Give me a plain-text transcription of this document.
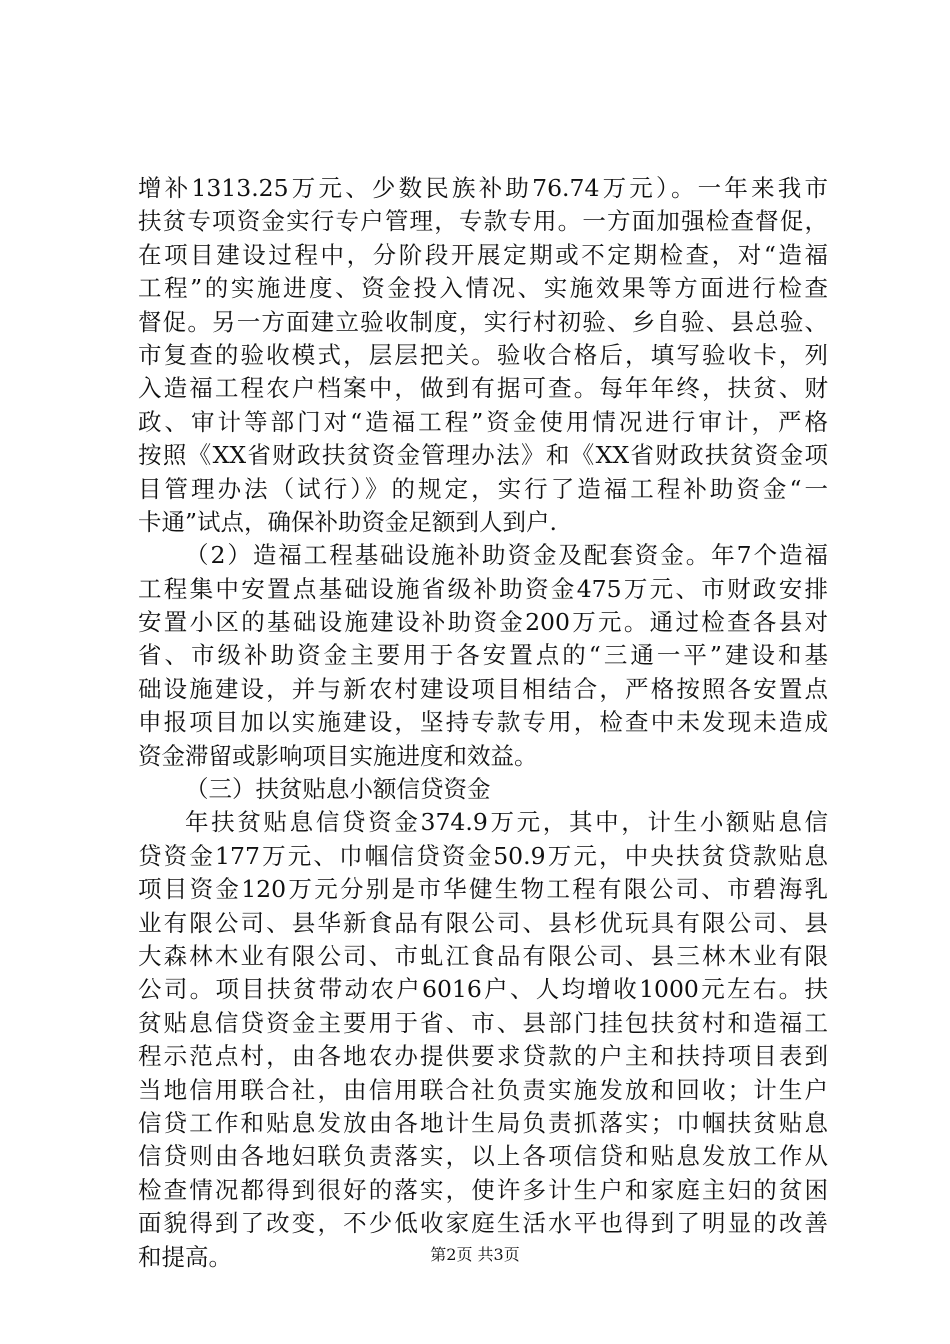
增补1313.25万元、少数民族补助76.74万元）。一年来我市
扶贫专项资金实行专户管理，专款专用。一方面加强检查督促，
在项目建设过程中，分阶段开展定期或不定期检查，对“造福
工程”的实施进度、资金投入情况、实施效果等方面进行检查
督促。另一方面建立验收制度，实行村初验、乡自验、县总验、
市复查的验收模式，层层把关。验收合格后，填写验收卡，列
入造福工程农户档案中，做到有据可查。每年年终，扶贫、财
政、审计等部门对“造福工程”资金使用情况进行审计，严格
按照《XX省财政扶贫资金管理办法》和《XX省财政扶贫资金项
目管理办法（试行）》的规定，实行了造福工程补助资金“一
卡通”试点，确保补助资金足额到人到户.
（2）造福工程基础设施补助资金及配套资金。年7个造福
工程集中安置点基础设施省级补助资金475万元、市财政安排
安置小区的基础设施建设补助资金200万元。通过检查各县对
省、市级补助资金主要用于各安置点的“三通一平”建设和基
础设施建设，并与新农村建设项目相结合，严格按照各安置点
申报项目加以实施建设，坚持专款专用，检查中未发现未造成
资金滞留或影响项目实施进度和效益。
（三）扶贫贴息小额信贷资金
年扶贫贴息信贷资金374.9万元，其中，计生小额贴息信
贷资金177万元、巾帼信贷资金50.9万元，中央扶贫贷款贴息
项目资金120万元分别是市华健生物工程有限公司、市碧海乳
业有限公司、县华新食品有限公司、县杉优玩具有限公司、县
大森林木业有限公司、市虬江食品有限公司、县三林木业有限
公司。项目扶贫带动农户6016户、人均增收1000元左右。扶
贫贴息信贷资金主要用于省、市、县部门挂包扶贫村和造福工
程示范点村，由各地农办提供要求贷款的户主和扶持项目表到
当地信用联合社，由信用联合社负责实施发放和回收；计生户
信贷工作和贴息发放由各地计生局负责抓落实；巾帼扶贫贴息
信贷则由各地妇联负责落实，以上各项信贷和贴息发放工作从
检查情况都得到很好的落实，使许多计生户和家庭主妇的贫困
面貌得到了改变，不少低收家庭生活水平也得到了明显的改善
和提高。	第2页 共3页
